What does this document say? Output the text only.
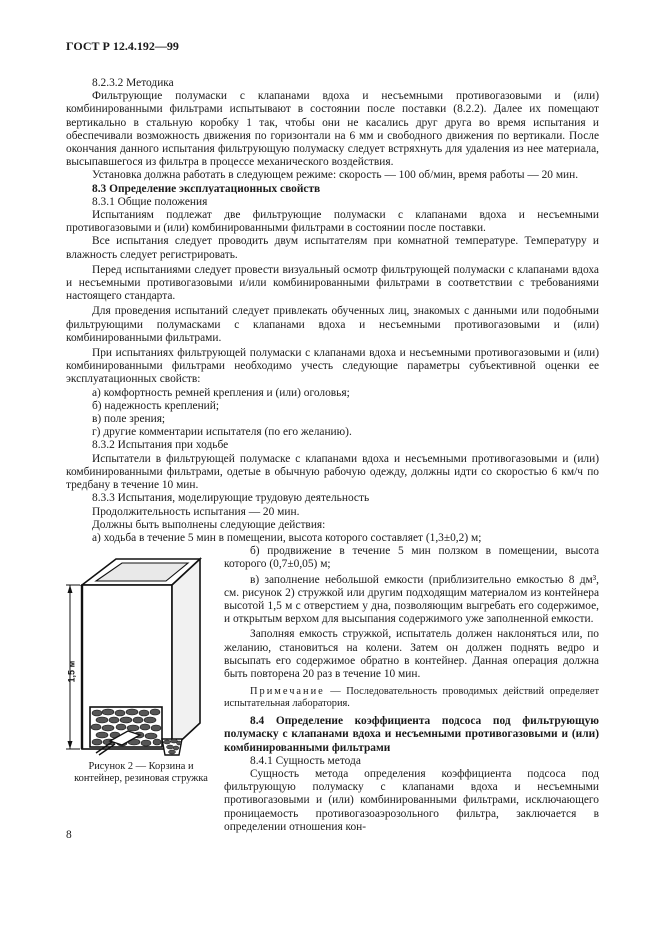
ГОСТ Р 12.4.192—99

8.2.3.2 Методика

Фильтрующие полумаски с клапанами вдоха и несъемными противогазовыми и (или) комбинированными фильтрами испытывают в состоянии после поставки (8.2.2). Далее их помещают вертикально в стальную коробку 1 так, чтобы они не касались друг друга во время испытания и обеспечивали возможность движения по горизонтали на 6 мм и свободного движения по вертикали. После окончания данного испытания фильтрующую полумаску следует встряхнуть для удаления из нее материала, высыпавшегося из фильтра в процессе механического воздействия.

Установка должна работать в следующем режиме: скорость — 100 об/мин, время работы — 20 мин.

8.3 Определение эксплуатационных свойств

8.3.1 Общие положения

Испытаниям подлежат две фильтрующие полумаски с клапанами вдоха и несъемными противогазовыми и (или) комбинированными фильтрами в состоянии после поставки.

Все испытания следует проводить двум испытателям при комнатной температуре. Температуру и влажность следует регистрировать.

Перед испытаниями следует провести визуальный осмотр фильтрующей полумаски с клапанами вдоха и несъемными противогазовыми и/или комбинированными фильтрами в соответствии с требованиями настоящего стандарта.

Для проведения испытаний следует привлекать обученных лиц, знакомых с данными или подобными фильтрующими полумасками с клапанами вдоха и несъемными противогазовыми и (или) комбинированными фильтрами.

При испытаниях фильтрующей полумаски с клапанами вдоха и несъемными противогазовыми и (или) комбинированными фильтрами необходимо учесть следующие параметры субъективной оценки ее эксплуатационных свойств:

а) комфортность ремней крепления и (или) оголовья;
б) надежность креплений;
в) поле зрения;
г) другие комментарии испытателя (по его желанию).

8.3.2 Испытания при ходьбе

Испытатели в фильтрующей полумаске с клапанами вдоха и несъемными противогазовыми и (или) комбинированными фильтрами, одетые в обычную рабочую одежду, должны идти со скоростью 6 км/ч по тредбану в течение 10 мин.

8.3.3 Испытания, моделирующие трудовую деятельность

Продолжительность испытания — 20 мин.

Должны быть выполнены следующие действия:

а) ходьба в течение 5 мин в помещении, высота которого составляет (1,3±0,2) м;

1,5 м
Рисунок 2 — Корзина и контейнер, резиновая стружка

б) продвижение в течение 5 мин ползком в помещении, высота которого (0,7±0,05) м;

в) заполнение небольшой емкости (приблизительно емкостью 8 дм³, см. рисунок 2) стружкой или другим подходящим материалом из контейнера высотой 1,5 м с отверстием у дна, позволяющим выгребать его содержимое, и открытым верхом для высыпания содержимого уже заполненной емкости.

Заполняя емкость стружкой, испытатель должен наклоняться или, по желанию, становиться на колени. Затем он должен поднять ведро и высыпать его содержимое обратно в контейнер. Данная операция должна быть повторена 20 раз в течение 10 мин.

Примечание — Последовательность проводимых действий определяет испытательная лаборатория.

8.4 Определение коэффициента подсоса под фильтрующую полумаску с клапанами вдоха и несъемными противогазовыми и (или) комбинированными фильтрами

8.4.1 Сущность метода

Сущность метода определения коэффициента подсоса под фильтрующую полумаску с клапанами вдоха и несъемными противогазовыми и (или) комбинированными фильтрами, исключающего проницаемость противогазоаэрозольного фильтра, заключается в определении отношения кон-

8
